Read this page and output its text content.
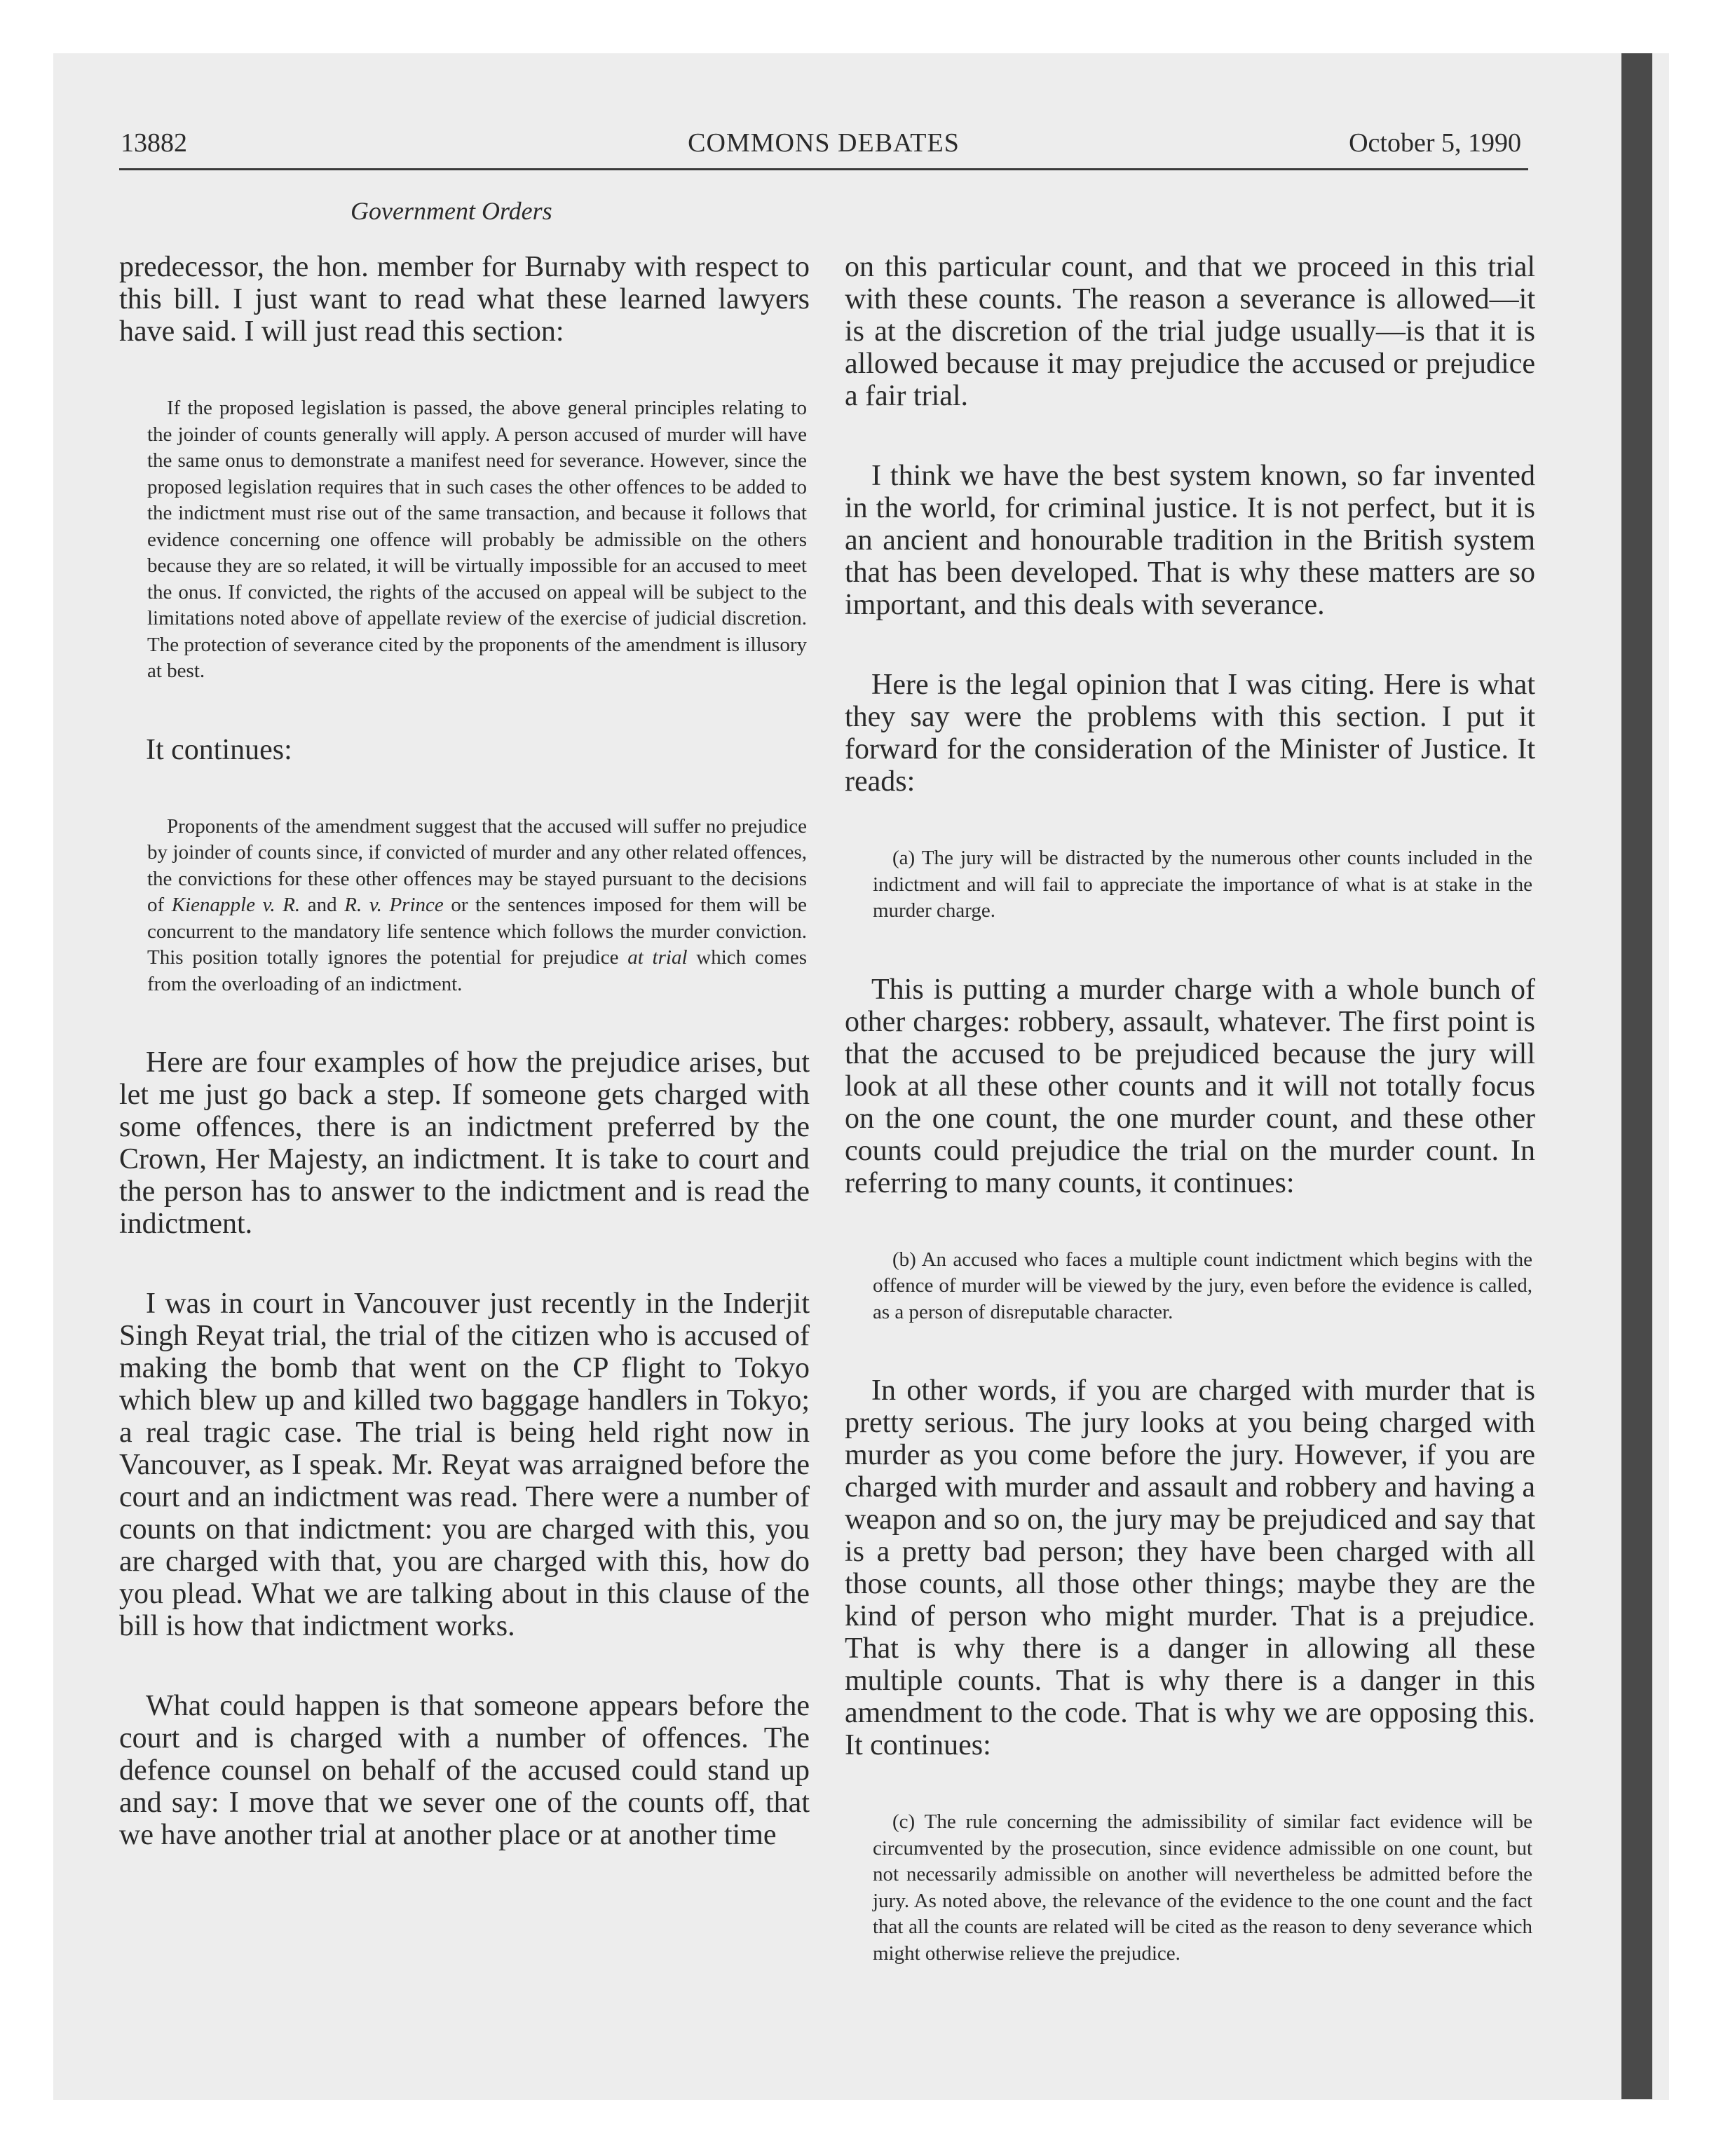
13882	COMMONS DEBATES	October 5, 1990
Government Orders

predecessor, the hon. member for Burnaby with respect to this bill. I just want to read what these learned lawyers have said. I will just read this section:

If the proposed legislation is passed, the above general principles relating to the joinder of counts generally will apply. A person accused of murder will have the same onus to demonstrate a manifest need for severance. However, since the proposed legislation requires that in such cases the other offences to be added to the indictment must rise out of the same transaction, and because it follows that evidence concerning one offence will probably be admissible on the others because they are so related, it will be virtually impossible for an accused to meet the onus. If convicted, the rights of the accused on appeal will be subject to the limitations noted above of appellate review of the exercise of judicial discretion. The protection of severance cited by the proponents of the amendment is illusory at best.

It continues:

Proponents of the amendment suggest that the accused will suffer no prejudice by joinder of counts since, if convicted of murder and any other related offences, the convictions for these other offences may be stayed pursuant to the decisions of Kienapple v. R. and R. v. Prince or the sentences imposed for them will be concurrent to the mandatory life sentence which follows the murder conviction. This position totally ignores the potential for prejudice at trial which comes from the overloading of an indictment.

Here are four examples of how the prejudice arises, but let me just go back a step. If someone gets charged with some offences, there is an indictment preferred by the Crown, Her Majesty, an indictment. It is take to court and the person has to answer to the indictment and is read the indictment.

I was in court in Vancouver just recently in the Inderjit Singh Reyat trial, the trial of the citizen who is accused of making the bomb that went on the CP flight to Tokyo which blew up and killed two baggage handlers in Tokyo; a real tragic case. The trial is being held right now in Vancouver, as I speak. Mr. Reyat was arraigned before the court and an indictment was read. There were a number of counts on that indictment: you are charged with this, you are charged with that, you are charged with this, how do you plead. What we are talking about in this clause of the bill is how that indictment works.

What could happen is that someone appears before the court and is charged with a number of offences. The defence counsel on behalf of the accused could stand up and say: I move that we sever one of the counts off, that we have another trial at another place or at another time

on this particular count, and that we proceed in this trial with these counts. The reason a severance is allowed—it is at the discretion of the trial judge usually—is that it is allowed because it may prejudice the accused or prejudice a fair trial.

I think we have the best system known, so far invented in the world, for criminal justice. It is not perfect, but it is an ancient and honourable tradition in the British system that has been developed. That is why these matters are so important, and this deals with severance.

Here is the legal opinion that I was citing. Here is what they say were the problems with this section. I put it forward for the consideration of the Minister of Justice. It reads:

(a) The jury will be distracted by the numerous other counts included in the indictment and will fail to appreciate the importance of what is at stake in the murder charge.

This is putting a murder charge with a whole bunch of other charges: robbery, assault, whatever. The first point is that the accused to be prejudiced because the jury will look at all these other counts and it will not totally focus on the one count, the one murder count, and these other counts could prejudice the trial on the murder count. In referring to many counts, it continues:

(b) An accused who faces a multiple count indictment which begins with the offence of murder will be viewed by the jury, even before the evidence is called, as a person of disreputable character.

In other words, if you are charged with murder that is pretty serious. The jury looks at you being charged with murder as you come before the jury. However, if you are charged with murder and assault and robbery and having a weapon and so on, the jury may be prejudiced and say that is a pretty bad person; they have been charged with all those counts, all those other things; maybe they are the kind of person who might murder. That is a prejudice. That is why there is a danger in allowing all these multiple counts. That is why there is a danger in this amendment to the code. That is why we are opposing this. It continues:

(c) The rule concerning the admissibility of similar fact evidence will be circumvented by the prosecution, since evidence admissible on one count, but not necessarily admissible on another will nevertheless be admitted before the jury. As noted above, the relevance of the evidence to the one count and the fact that all the counts are related will be cited as the reason to deny severance which might otherwise relieve the prejudice.
